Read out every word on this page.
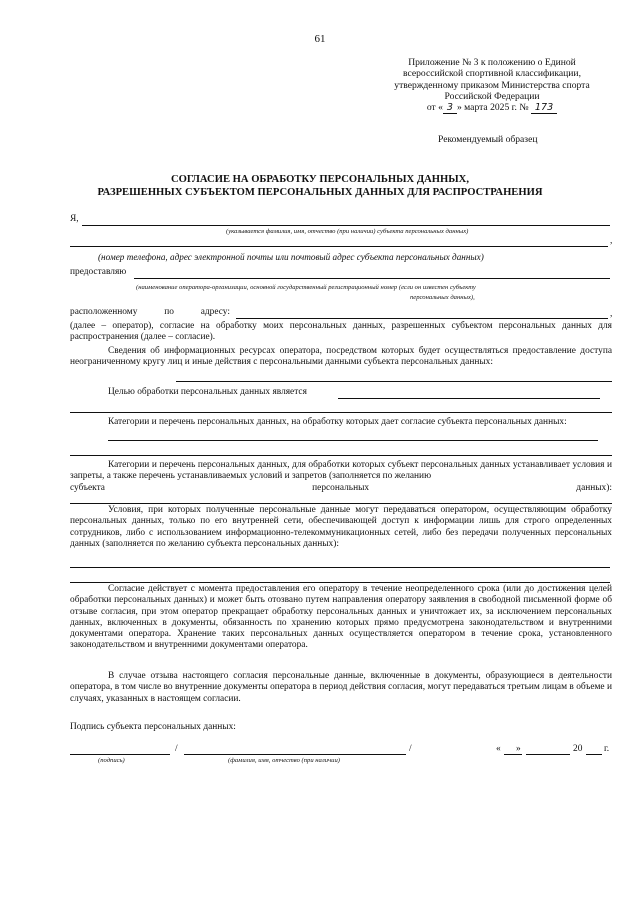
61
Приложение № 3 к положению о Единой
всероссийской спортивной классификации,
утвержденному приказом Министерства спорта
Российской Федерации
от « 3 » марта 2025 г. № 173
Рекомендуемый образец
СОГЛАСИЕ НА ОБРАБОТКУ ПЕРСОНАЛЬНЫХ ДАННЫХ,
РАЗРЕШЕННЫХ СУБЪЕКТОМ ПЕРСОНАЛЬНЫХ ДАННЫХ ДЛЯ РАСПРОСТРАНЕНИЯ
Я,
(указывается фамилия, имя, отчество (при наличии) субъекта персональных данных)
,
(номер телефона, адрес электронной почты или почтовый адрес субъекта персональных данных)
предоставляю
(наименование оператора-организации, основной государственный регистрационный номер (если он известен субъекту
персональных данных),
расположенному	по	адресу:	,
(далее – оператор), согласие на обработку моих персональных данных, разрешенных субъектом персональных данных для распространения (далее – согласие).
Сведения об информационных ресурсах оператора, посредством которых будет осуществляться предоставление доступа неограниченному кругу лиц и иные действия с персональными данными субъекта персональных данных:
Целью обработки персональных данных является
Категории и перечень персональных данных, на обработку которых дает согласие субъекта персональных данных:
Категории и перечень персональных данных, для обработки которых субъект персональных данных устанавливает условия и запреты, а также перечень устанавливаемых условий и запретов (заполняется по желанию
субъекта	персональных	данных):
Условия, при которых полученные персональные данные могут передаваться оператором, осуществляющим обработку персональных данных, только по его внутренней сети, обеспечивающей доступ к информации лишь для строго определенных сотрудников, либо с использованием информационно-телекоммуникационных сетей, либо без передачи полученных персональных данных (заполняется по желанию субъекта персональных данных):
Согласие действует с момента предоставления его оператору в течение неопределенного срока (или до достижения целей обработки персональных данных) и может быть отозвано путем направления оператору заявления в свободной письменной форме об отзыве согласия, при этом оператор прекращает обработку персональных данных и уничтожает их, за исключением персональных данных, включенных в документы, обязанность по хранению которых прямо предусмотрена законодательством и внутренними документами оператора. Хранение таких персональных данных осуществляется оператором в течение срока, установленного законодательством и внутренними документами оператора.
В случае отзыва настоящего согласия персональные данные, включенные в документы, образующиеся в деятельности оператора, в том числе во внутренние документы оператора в период действия согласия, могут передаваться третьим лицам в объеме и случаях, указанных в настоящем согласии.
Подпись субъекта персональных данных:
/	/	« »	20 г.
(подпись)	(фамилия, имя, отчество (при наличии)
